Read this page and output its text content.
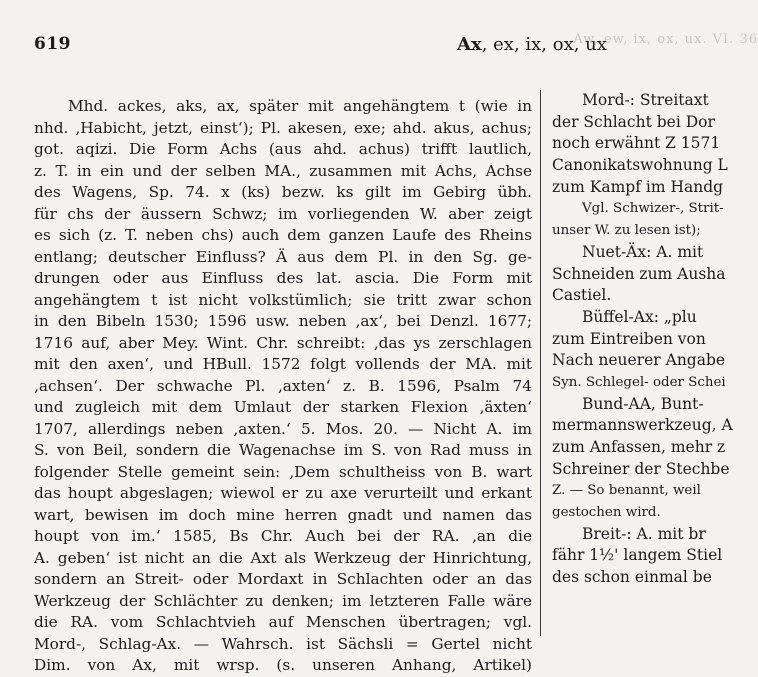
Aw, ew, ix, ox, ux. VI. 36
619	Ax, ex, ix, ox, ux
Mhd. ackes, aks, ax, später mit angehängtem t (wie in
nhd. ‚Habicht, jetzt, einst‘); Pl. akesen, exe; ahd. akus, achus;
got. aqizi. Die Form Achs (aus ahd. achus) trifft lautlich,
z. T. in ein und der selben MA., zusammen mit Achs, Achse
des Wagens, Sp. 74. x (ks) bezw. ks gilt im Gebirg übh.
für chs der äussern Schwz; im vorliegenden W. aber zeigt
es sich (z. T. neben chs) auch dem ganzen Laufe des Rheins
entlang; deutscher Einfluss? Ä aus dem Pl. in den Sg. ge-
drungen oder aus Einfluss des lat. ascia. Die Form mit
angehängtem t ist nicht volkstümlich; sie tritt zwar schon
in den Bibeln 1530; 1596 usw. neben ‚ax‘, bei Denzl. 1677;
1716 auf, aber Mey. Wint. Chr. schreibt: ‚das ys zerschlagen
mit den axen‘, und HBull. 1572 folgt vollends der MA. mit
‚achsen‘. Der schwache Pl. ‚axten‘ z. B. 1596, Psalm 74
und zugleich mit dem Umlaut der starken Flexion ‚äxten‘
1707, allerdings neben ‚axten.‘ 5. Mos. 20. — Nicht A. im
S. von Beil, sondern die Wagenachse im S. von Rad muss in
folgender Stelle gemeint sein: ‚Dem schultheiss von B. wart
das houpt abgeslagen; wiewol er zu axe verurteilt und erkant
wart, bewisen im doch mine herren gnadt und namen das
houpt von im.‘ 1585, Bs Chr. Auch bei der RA. ‚an die
A. geben‘ ist nicht an die Axt als Werkzeug der Hinrichtung,
sondern an Streit- oder Mordaxt in Schlachten oder an das
Werkzeug der Schlächter zu denken; im letzteren Falle wäre
die RA. vom Schlachtvieh auf Menschen übertragen; vgl.
Mord-, Schlag-Ax. — Wahrsch. ist Sächsli = Gertel nicht
Dim. von Ax, mit wrsp. (s. unseren Anhang, Artikel)
Mord-: Streitaxt
der Schlacht bei Dor
noch erwähnt Z 1571
Canonikatswohnung L
zum Kampf im Handg
Vgl. Schwizer-, Strit-
unser W. zu lesen ist);
Nuet-Äx: A. mit
Schneiden zum Ausha
Castiel.
Büffel-Ax: „plu
zum Eintreiben von
Nach neuerer Angabe
Syn. Schlegel- oder Schei
Bund-AA, Bunt-
mermannswerkzeug, A
zum Anfassen, mehr z
Schreiner der Stechbe
Z. — So benannt, weil
gestochen wird.
Breit-: A. mit br
fähr 1½' langem Stiel
des schon einmal be
